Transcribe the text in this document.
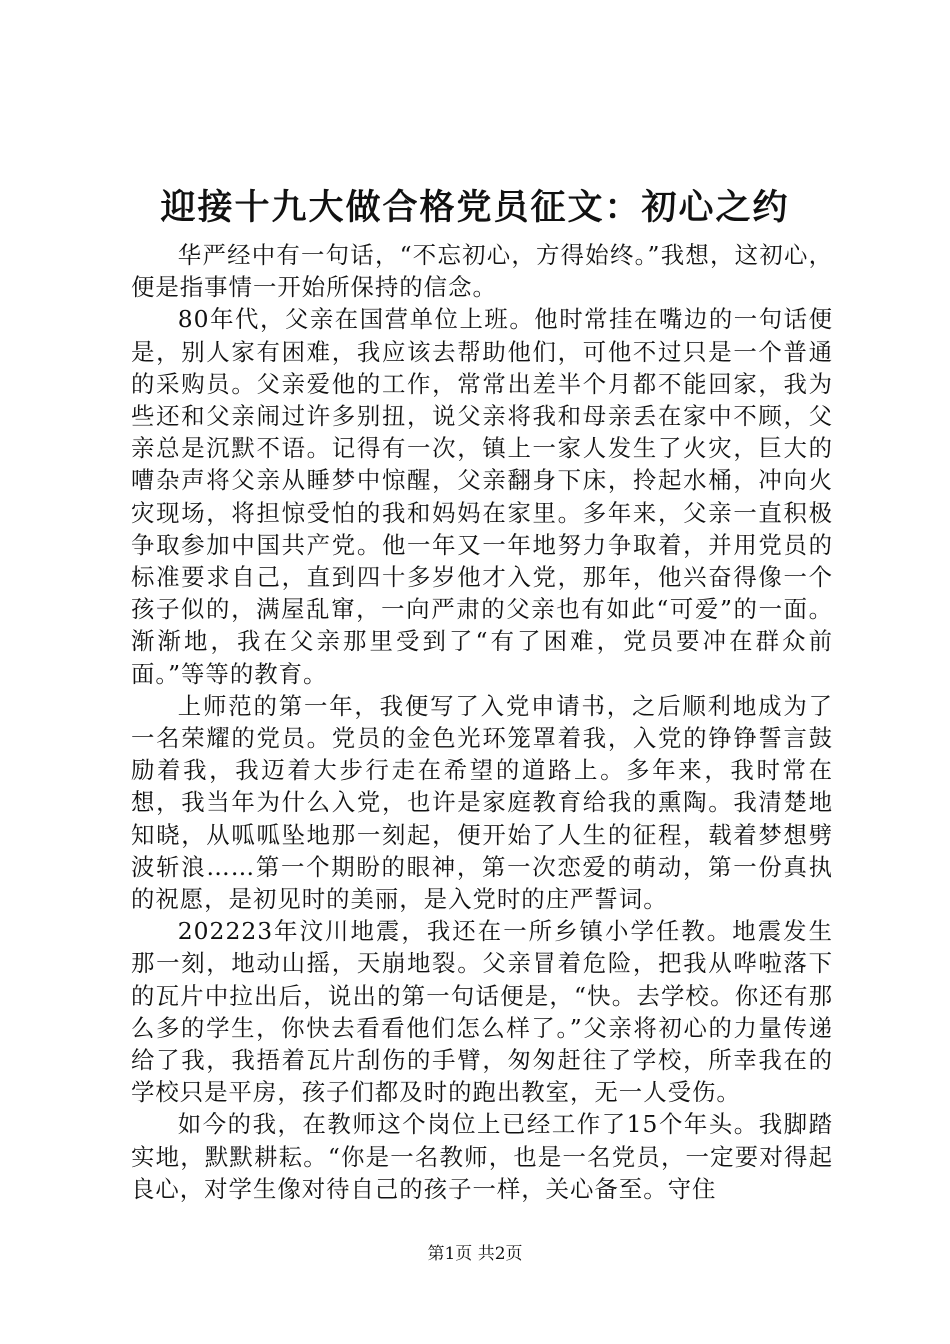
迎接十九大做合格党员征文：初心之约

华严经中有一句话，“不忘初心，方得始终。”我想，这初心，便是指事情一开始所保持的信念。

80年代，父亲在国营单位上班。他时常挂在嘴边的一句话便是，别人家有困难，我应该去帮助他们，可他不过只是一个普通的采购员。父亲爱他的工作，常常出差半个月都不能回家，我为些还和父亲闹过许多别扭，说父亲将我和母亲丢在家中不顾，父亲总是沉默不语。记得有一次，镇上一家人发生了火灾，巨大的嘈杂声将父亲从睡梦中惊醒，父亲翻身下床，拎起水桶，冲向火灾现场，将担惊受怕的我和妈妈在家里。多年来，父亲一直积极争取参加中国共产党。他一年又一年地努力争取着，并用党员的标准要求自己，直到四十多岁他才入党，那年，他兴奋得像一个孩子似的，满屋乱窜，一向严肃的父亲也有如此“可爱”的一面。渐渐地，我在父亲那里受到了“有了困难，党员要冲在群众前面。”等等的教育。

上师范的第一年，我便写了入党申请书，之后顺利地成为了一名荣耀的党员。党员的金色光环笼罩着我，入党的铮铮誓言鼓励着我，我迈着大步行走在希望的道路上。多年来，我时常在想，我当年为什么入党，也许是家庭教育给我的熏陶。我清楚地知晓，从呱呱坠地那一刻起，便开始了人生的征程，载着梦想劈波斩浪……第一个期盼的眼神，第一次恋爱的萌动，第一份真执的祝愿，是初见时的美丽，是入党时的庄严誓词。

202223年汶川地震，我还在一所乡镇小学任教。地震发生那一刻，地动山摇，天崩地裂。父亲冒着危险，把我从哗啦落下的瓦片中拉出后，说出的第一句话便是，“快。去学校。你还有那么多的学生，你快去看看他们怎么样了。”父亲将初心的力量传递给了我，我捂着瓦片刮伤的手臂，匆匆赶往了学校，所幸我在的学校只是平房，孩子们都及时的跑出教室，无一人受伤。

如今的我，在教师这个岗位上已经工作了15个年头。我脚踏实地，默默耕耘。“你是一名教师，也是一名党员，一定要对得起良心，对学生像对待自己的孩子一样，关心备至。守住

第1页 共2页
